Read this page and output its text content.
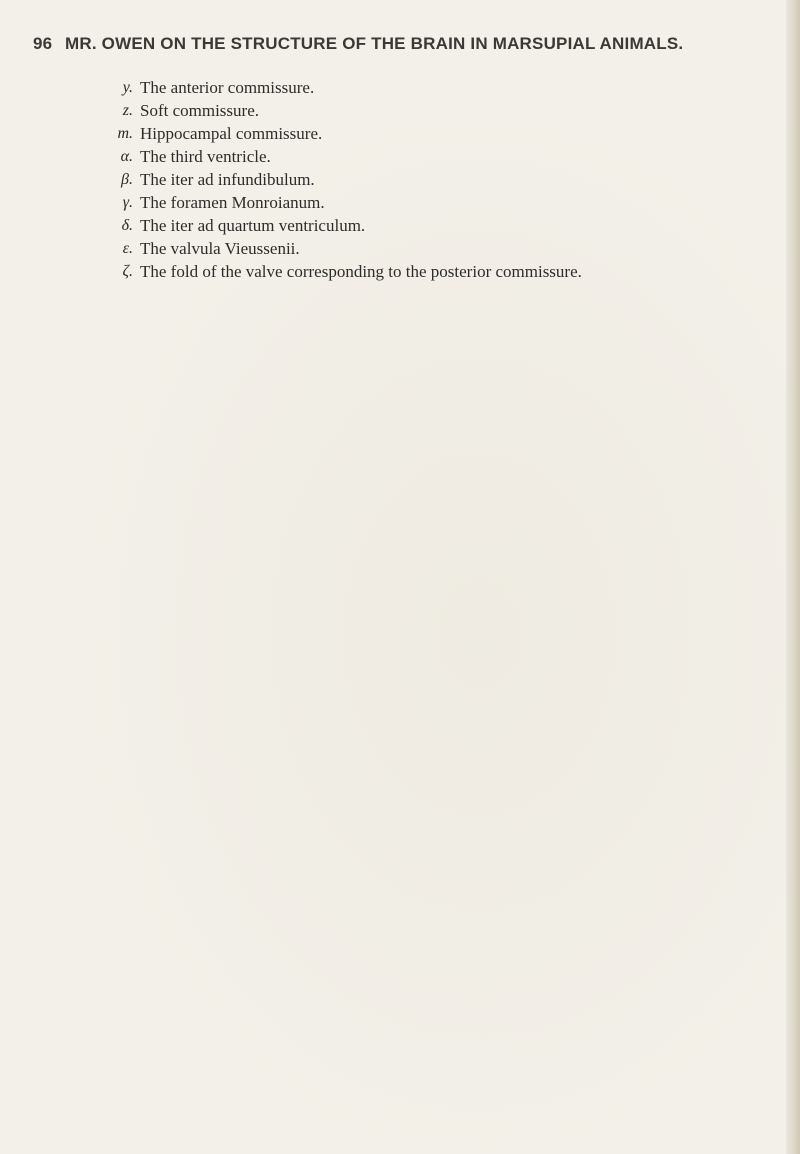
96 MR. OWEN ON THE STRUCTURE OF THE BRAIN IN MARSUPIAL ANIMALS.
y. The anterior commissure.
z. Soft commissure.
m. Hippocampal commissure.
α. The third ventricle.
β. The iter ad infundibulum.
γ. The foramen Monroianum.
δ. The iter ad quartum ventriculum.
ε. The valvula Vieussenii.
ζ. The fold of the valve corresponding to the posterior commissure.
